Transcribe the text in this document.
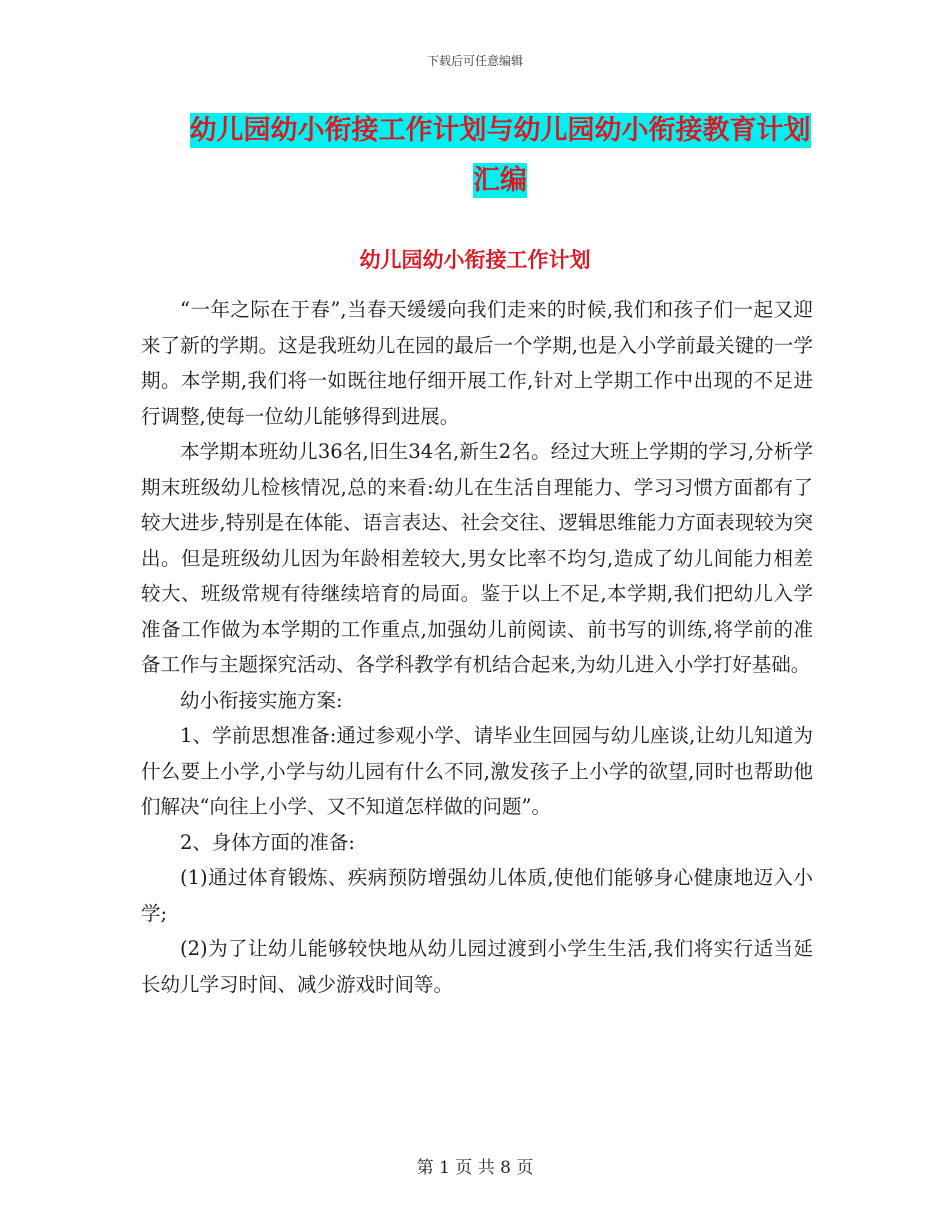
下载后可任意编辑
幼儿园幼小衔接工作计划与幼儿园幼小衔接教育计划
汇编
幼儿园幼小衔接工作计划

“一年之际在于春”,当春天缓缓向我们走来的时候,我们和孩子们一起又迎来了新的学期。这是我班幼儿在园的最后一个学期,也是入小学前最关键的一学期。本学期,我们将一如既往地仔细开展工作,针对上学期工作中出现的不足进行调整,使每一位幼儿能够得到进展。

本学期本班幼儿36名,旧生34名,新生2名。经过大班上学期的学习,分析学期末班级幼儿检核情况,总的来看:幼儿在生活自理能力、学习习惯方面都有了较大进步,特别是在体能、语言表达、社会交往、逻辑思维能力方面表现较为突出。但是班级幼儿因为年龄相差较大,男女比率不均匀,造成了幼儿间能力相差较大、班级常规有待继续培育的局面。鉴于以上不足,本学期,我们把幼儿入学准备工作做为本学期的工作重点,加强幼儿前阅读、前书写的训练,将学前的准备工作与主题探究活动、各学科教学有机结合起来,为幼儿进入小学打好基础。

幼小衔接实施方案:

1、学前思想准备:通过参观小学、请毕业生回园与幼儿座谈,让幼儿知道为什么要上小学,小学与幼儿园有什么不同,激发孩子上小学的欲望,同时也帮助他们解决“向往上小学、又不知道怎样做的问题”。

2、身体方面的准备:

(1)通过体育锻炼、疾病预防增强幼儿体质,使他们能够身心健康地迈入小学;

(2)为了让幼儿能够较快地从幼儿园过渡到小学生生活,我们将实行适当延长幼儿学习时间、减少游戏时间等。

第 1 页 共 8 页
